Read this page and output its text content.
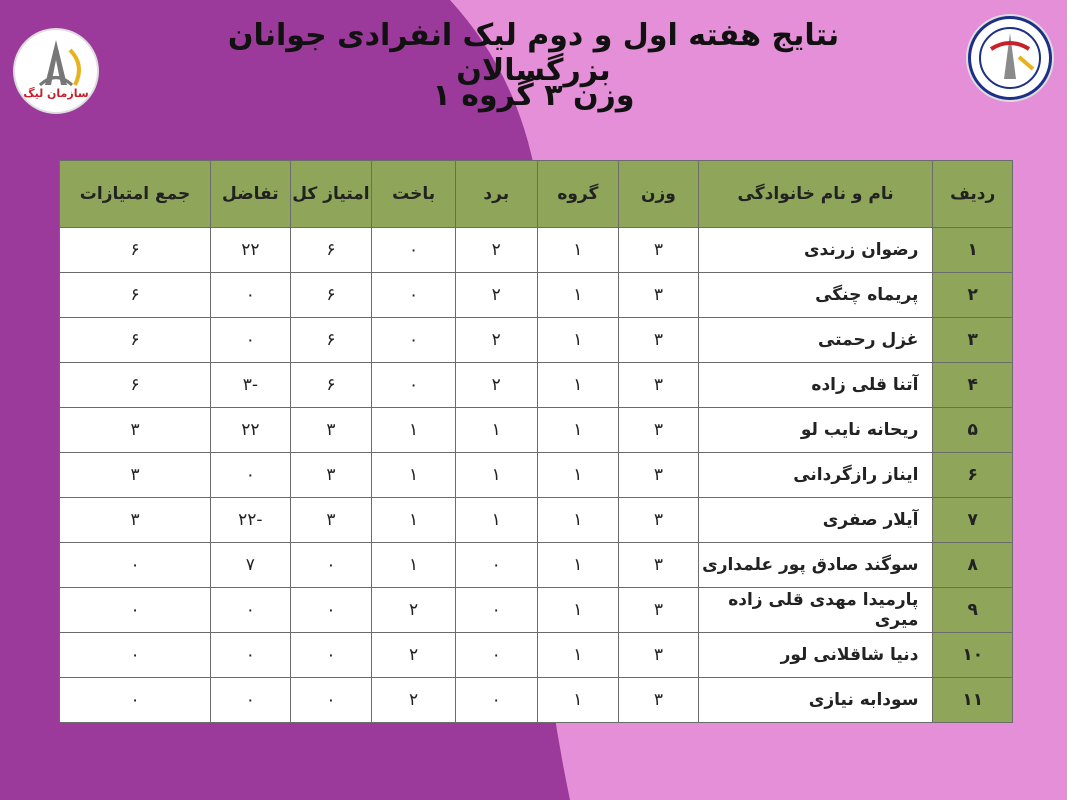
سازمان لیگ
نتایج هفته اول و دوم لیک انفرادی جوانان بزرگسالان
وزن ۳ گروه ۱
ردیف	نام و نام خانوادگی	وزن	گروه	برد	باخت	امتیاز کل	تفاضل	جمع امتیازات
۱	رضوان زرندی	۳	۱	۲	۰	۶	۲۲	۶
۲	پریماه چنگی	۳	۱	۲	۰	۶	۰	۶
۳	غزل رحمتی	۳	۱	۲	۰	۶	۰	۶
۴	آتنا قلی زاده	۳	۱	۲	۰	۶	-۳	۶
۵	ریحانه نایب لو	۳	۱	۱	۱	۳	۲۲	۳
۶	ایناز رازگردانی	۳	۱	۱	۱	۳	۰	۳
۷	آیلار صفری	۳	۱	۱	۱	۳	-۲۲	۳
۸	سوگند صادق پور علمداری	۳	۱	۰	۱	۰	۷	۰
۹	پارمیدا مهدی قلی زاده میری	۳	۱	۰	۲	۰	۰	۰
۱۰	دنیا شاقلانی لور	۳	۱	۰	۲	۰	۰	۰
۱۱	سودابه نیازی	۳	۱	۰	۲	۰	۰	۰
